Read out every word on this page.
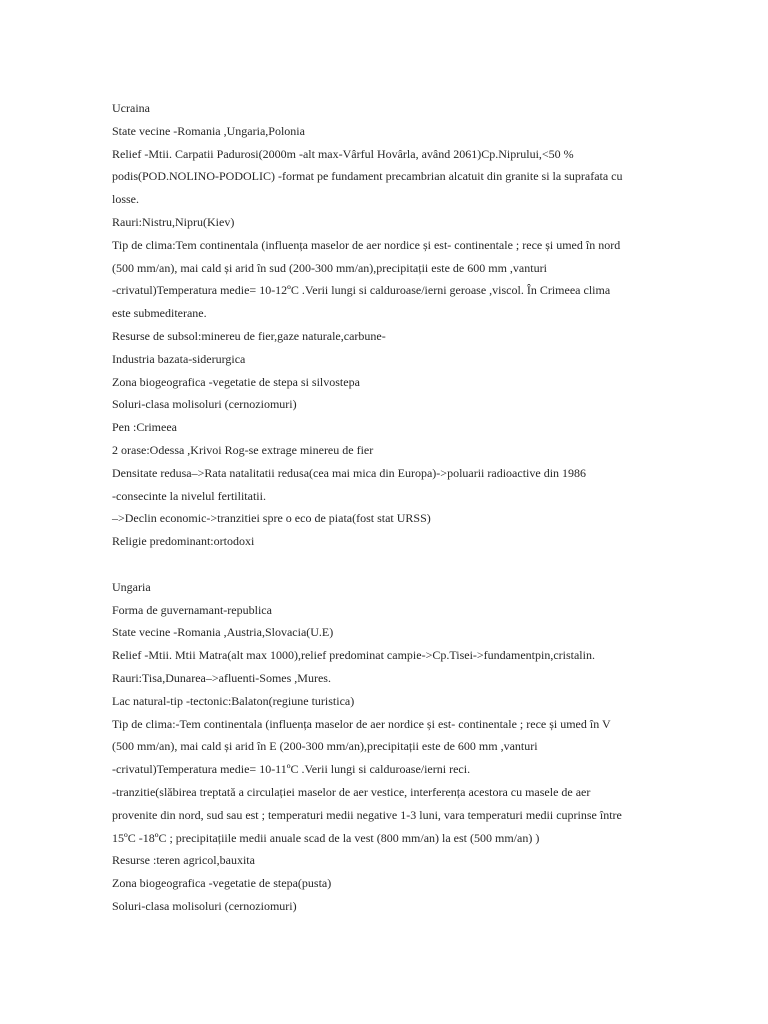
Ucraina
State vecine -Romania ,Ungaria,Polonia
Relief -Mtii. Carpatii Padurosi(2000m -alt max-Vârful Hovârla, având 2061)Cp.Niprului,<50 %
podis(POD.NOLINO-PODOLIC) -format pe fundament precambrian alcatuit din granite si la suprafata cu
losse.
Rauri:Nistru,Nipru(Kiev)
Tip de clima:Tem continentala (influența maselor de aer nordice și est- continentale ; rece și umed în nord
(500 mm/an), mai cald și arid în sud (200-300 mm/an),precipitații este de 600 mm ,vanturi
-crivatul)Temperatura medie= 10-12ºC .Verii lungi si calduroase/ierni geroase ,viscol. În Crimeea clima
este submediterane.
Resurse de subsol:minereu de fier,gaze naturale,carbune-
Industria bazata-siderurgica
Zona biogeografica -vegetatie de stepa si silvostepa
Soluri-clasa molisoluri (cernoziomuri)
Pen :Crimeea
2 orase:Odessa ,Krivoi Rog-se extrage minereu de fier
Densitate redusa–>Rata natalitatii redusa(cea mai mica din Europa)->poluarii radioactive din 1986
-consecinte la nivelul fertilitatii.
–>Declin economic->tranzitiei spre o eco de piata(fost stat URSS)
Religie predominant:ortodoxi
Ungaria
Forma de guvernamant-republica
State vecine -Romania ,Austria,Slovacia(U.E)
Relief -Mtii. Mtii Matra(alt max 1000),relief predominat campie->Cp.Tisei->fundamentpin,cristalin.
Rauri:Tisa,Dunarea–>afluenti-Somes ,Mures.
Lac natural-tip -tectonic:Balaton(regiune turistica)
Tip de clima:-Tem continentala (influența maselor de aer nordice și est- continentale ; rece și umed în V
(500 mm/an), mai cald și arid în E (200-300 mm/an),precipitații este de 600 mm ,vanturi
-crivatul)Temperatura medie= 10-11ºC .Verii lungi si calduroase/ierni reci.
-tranzitie(slăbirea treptată a circulației maselor de aer vestice, interferența acestora cu masele de aer
provenite din nord, sud sau est ; temperaturi medii negative 1-3 luni, vara temperaturi medii cuprinse între
15ºC -18ºC ; precipitațiile medii anuale scad de la vest (800 mm/an) la est (500 mm/an) )
Resurse :teren agricol,bauxita
Zona biogeografica -vegetatie de stepa(pusta)
Soluri-clasa molisoluri (cernoziomuri)
